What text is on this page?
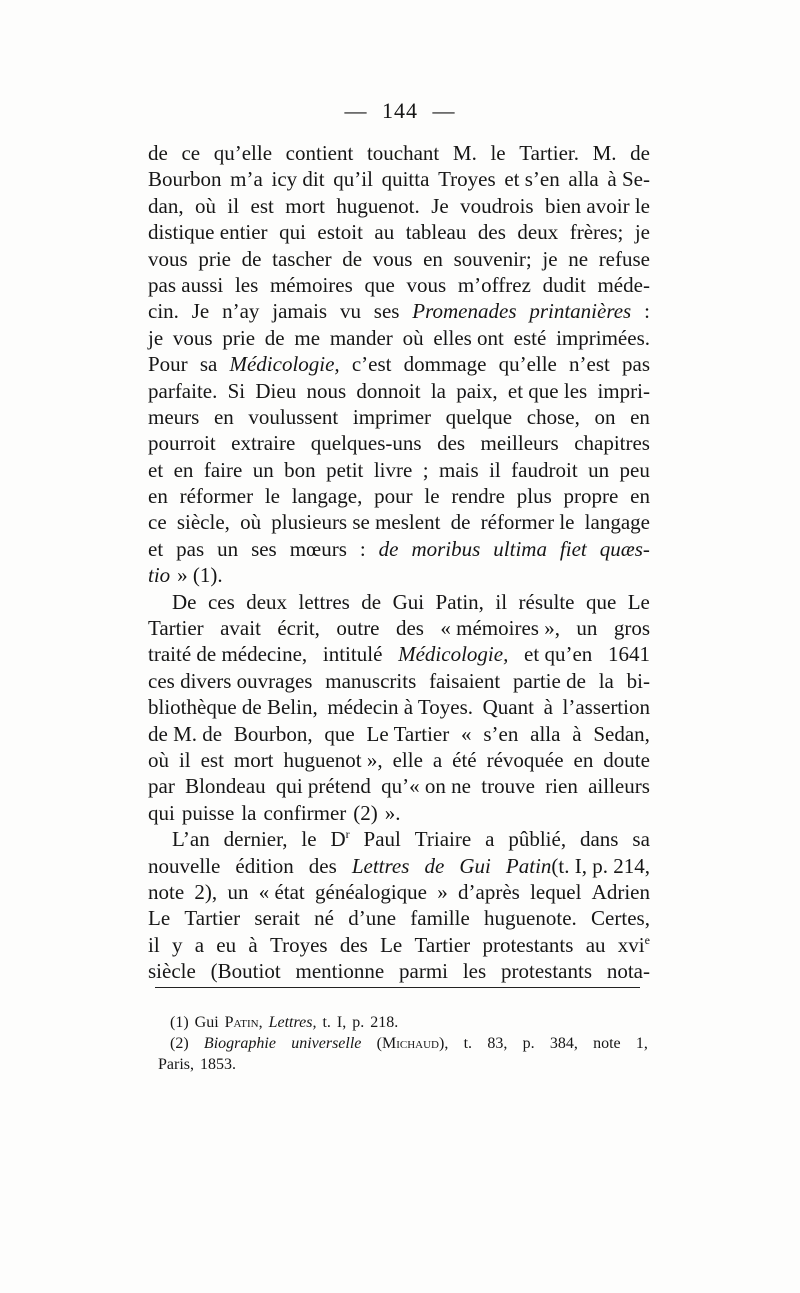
— 144 —
de ce qu’elle contient touchant M. le Tartier. M. de
Bourbon m’a icy dit qu’il quitta Troyes et s’en alla à Se-
dan, où il est mort huguenot. Je voudrois bien avoir le
distique entier qui estoit au tableau des deux frères; je
vous prie de tascher de vous en souvenir; je ne refuse
pas aussi les mémoires que vous m’offrez dudit méde-
cin. Je n’ay jamais vu ses Promenades printanières :
je vous prie de me mander où elles ont esté imprimées.
Pour sa Médicologie, c’est dommage qu’elle n’est pas
parfaite. Si Dieu nous donnoit la paix, et que les impri-
meurs en voulussent imprimer quelque chose, on en
pourroit extraire quelques-uns des meilleurs chapitres
et en faire un bon petit livre ; mais il faudroit un peu
en réformer le langage, pour le rendre plus propre en
ce siècle, où plusieurs se meslent de réformer le langage
et pas un ses mœurs : de moribus ultima fiet quæs-
tio » (1).
De ces deux lettres de Gui Patin, il résulte que Le
Tartier avait écrit, outre des « mémoires », un gros
traité de médecine, intitulé Médicologie, et qu’en 1641
ces divers ouvrages manuscrits faisaient partie de la bi-
bliothèque de Belin, médecin à Toyes. Quant à l’assertion
de M. de Bourbon, que Le Tartier « s’en alla à Sedan,
où il est mort huguenot », elle a été révoquée en doute
par Blondeau qui prétend qu’« on ne trouve rien ailleurs
qui puisse la confirmer (2) ».
L’an dernier, le $D^r$ Paul Triaire a pûblié, dans sa
nouvelle édition des Lettres de Gui Patin(t. I, p. 214,
note 2), un « état généalogique » d’après lequel Adrien
Le Tartier serait né d’une famille huguenote. Certes,
il y a eu à Troyes des Le Tartier protestants au xvi$^e$
siècle (Boutiot mentionne parmi les protestants nota-
(1) Gui Patin, Lettres, t. I, p. 218.
(2) Biographie universelle (Michaud), t. 83, p. 384, note 1,
Paris, 1853.
